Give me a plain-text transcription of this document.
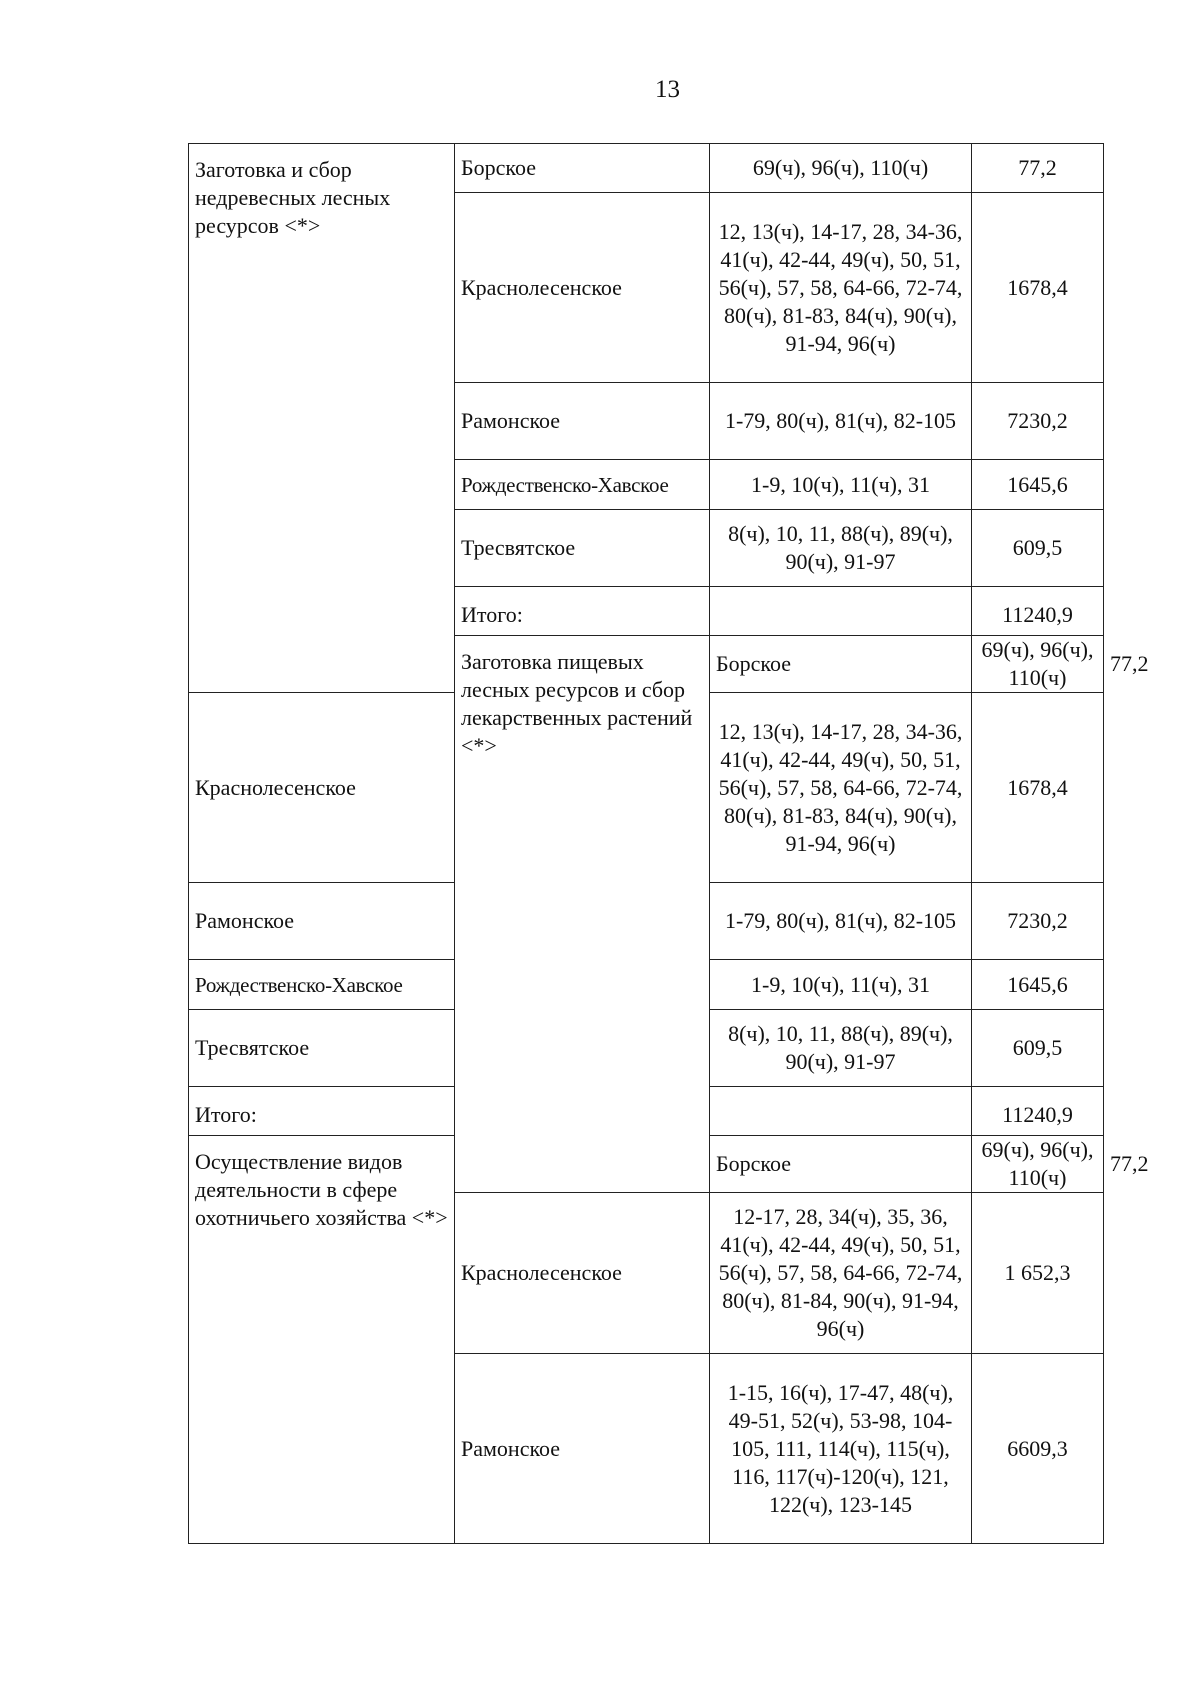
13
Заготовка и сбор недревесных лесных ресурсов <*>	Борское	69(ч), 96(ч), 110(ч)	77,2	
	Краснолесенское	12, 13(ч), 14-17, 28, 34-36, 41(ч), 42-44, 49(ч), 50, 51, 56(ч), 57, 58, 64-66, 72-74, 80(ч), 81-83, 84(ч), 90(ч), 91-94, 96(ч)	1678,4	
	Рамонское	1-79, 80(ч), 81(ч), 82-105	7230,2	
	Рождественско-Хавское	1-9, 10(ч), 11(ч), 31	1645,6	
	Тресвятское	8(ч), 10, 11, 88(ч), 89(ч), 90(ч), 91-97	609,5	
	Итого:		11240,9	
	Заготовка пищевых лесных ресурсов и сбор лекарственных растений <*>	Борское	69(ч), 96(ч), 110(ч)	77,2
Краснолесенское		12, 13(ч), 14-17, 28, 34-36, 41(ч), 42-44, 49(ч), 50, 51, 56(ч), 57, 58, 64-66, 72-74, 80(ч), 81-83, 84(ч), 90(ч), 91-94, 96(ч)	1678,4	
Рамонское		1-79, 80(ч), 81(ч), 82-105	7230,2	
Рождественско-Хавское		1-9, 10(ч), 11(ч), 31	1645,6	
Тресвятское		8(ч), 10, 11, 88(ч), 89(ч), 90(ч), 91-97	609,5	
Итого:			11240,9	
Осуществление видов деятельности в сфере охотничьего хозяйства <*>		Борское	69(ч), 96(ч), 110(ч)	77,2
	Краснолесенское	12-17, 28, 34(ч), 35, 36, 41(ч), 42-44, 49(ч), 50, 51, 56(ч), 57, 58, 64-66, 72-74, 80(ч), 81-84, 90(ч), 91-94, 96(ч)	1 652,3	
	Рамонское	1-15, 16(ч), 17-47, 48(ч), 49-51, 52(ч), 53-98, 104-105, 111, 114(ч), 115(ч), 116, 117(ч)-120(ч), 121, 122(ч), 123-145	6609,3	
